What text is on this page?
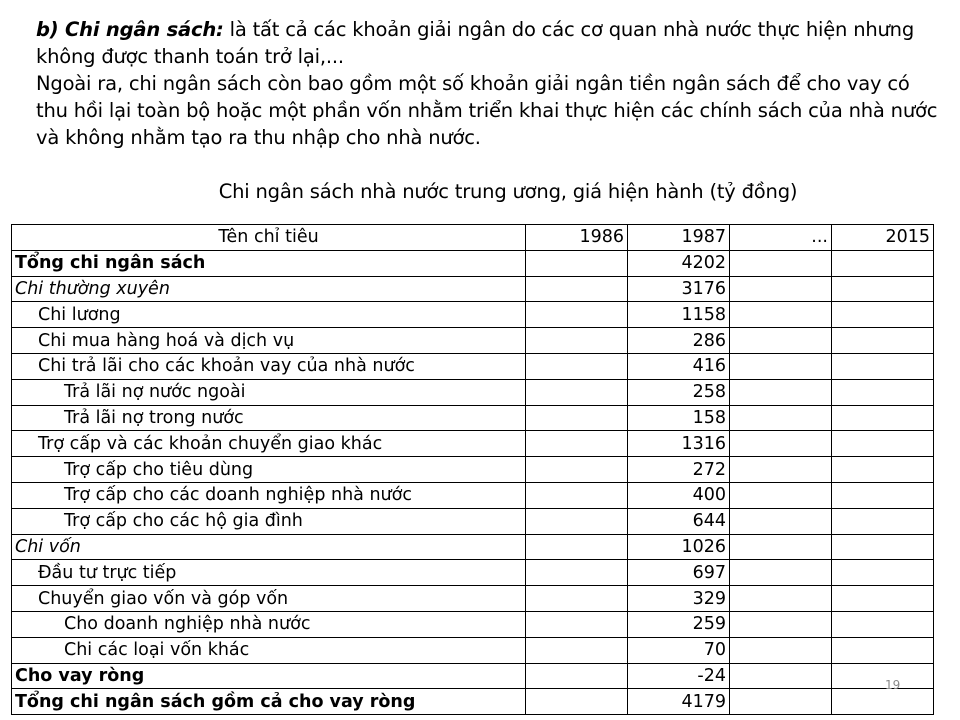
b) Chi ngân sách: là tất cả các khoản giải ngân do các cơ quan nhà nước thực hiện nhưng không được thanh toán trở lại,...

Ngoài ra, chi ngân sách còn bao gồm một số khoản giải ngân tiền ngân sách để cho vay có thu hồi lại toàn bộ hoặc một phần vốn nhằm triển khai thực hiện các chính sách của nhà nước và không nhằm tạo ra thu nhập cho nhà nước.

Chi ngân sách nhà nước trung ương, giá hiện hành (tỷ đồng)
Tên chỉ tiêu	1986	1987	...	2015
Tổng chi ngân sách		4202		
Chi thường xuyên		3176		
Chi lương		1158		
Chi mua hàng hoá và dịch vụ		286		
Chi trả lãi cho các khoản vay của nhà nước		416		
Trả lãi nợ nước ngoài		258		
Trả lãi nợ trong nước		158		
Trợ cấp và các khoản chuyển giao khác		1316		
Trợ cấp cho tiêu dùng		272		
Trợ cấp cho các doanh nghiệp nhà nước		400		
Trợ cấp cho các hộ gia đình		644		
Chi vốn		1026		
Đầu tư trực tiếp		697		
Chuyển giao vốn và góp vốn		329		
Cho doanh nghiệp nhà nước		259		
Chi các loại vốn khác		70		
Cho vay ròng		-24		
Tổng chi ngân sách gồm cả cho vay ròng		4179		
19
